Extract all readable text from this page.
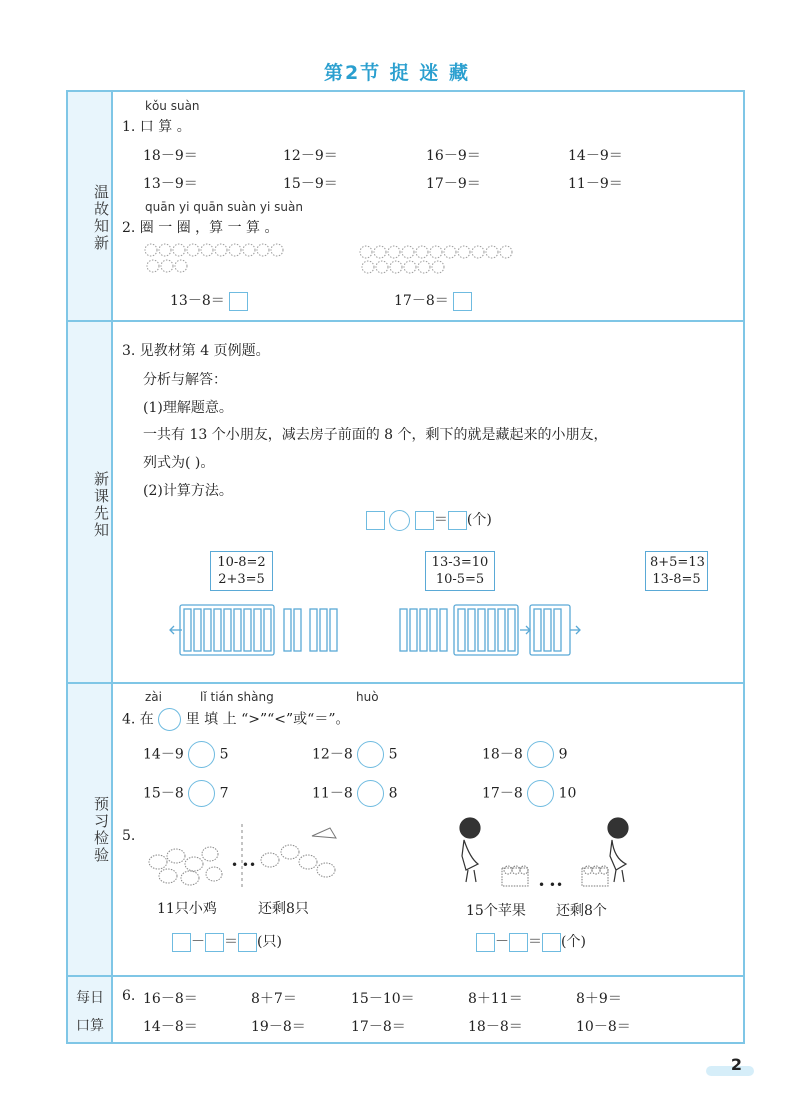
第2节 捉 迷 藏
温故知新
新课先知
预习检验
每日
口算
kǒu suàn
1. 口 算 。
18－9＝	12－9＝	16－9＝	14－9＝
13－9＝	15－9＝	17－9＝	11－9＝
quān yi quān suàn yi suàn
2. 圈 一 圈 ，算 一 算 。
13－8＝	17－8＝
3. 见教材第 4 页例题。
分析与解答：
(1)理解题意。
一共有 13 个小朋友，减去房子前面的 8 个，剩下的就是藏起来的小朋友，
列式为( )。
(2)计算方法。
＝ (个)
10-8=2
2+3=5
13-3=10
10-5=5
8+5=13
13-8=5
zài	lǐ tián shàng	huò
4. 在 里 填 上 “>”“<”或“＝”。
14－9	5	12－8	5	18－8	9
15－8	7	11－8	8	17－8	10
5.
• ••
11只小鸡	还剩8只
－ ＝ (只)
• ••
15个苹果 还剩8个
－ ＝ (个)
6. 16－8＝	8＋7＝	15－10＝	8＋11＝	8＋9＝
14－8＝	19－8＝	17－8＝	18－8＝	10－8＝
2
